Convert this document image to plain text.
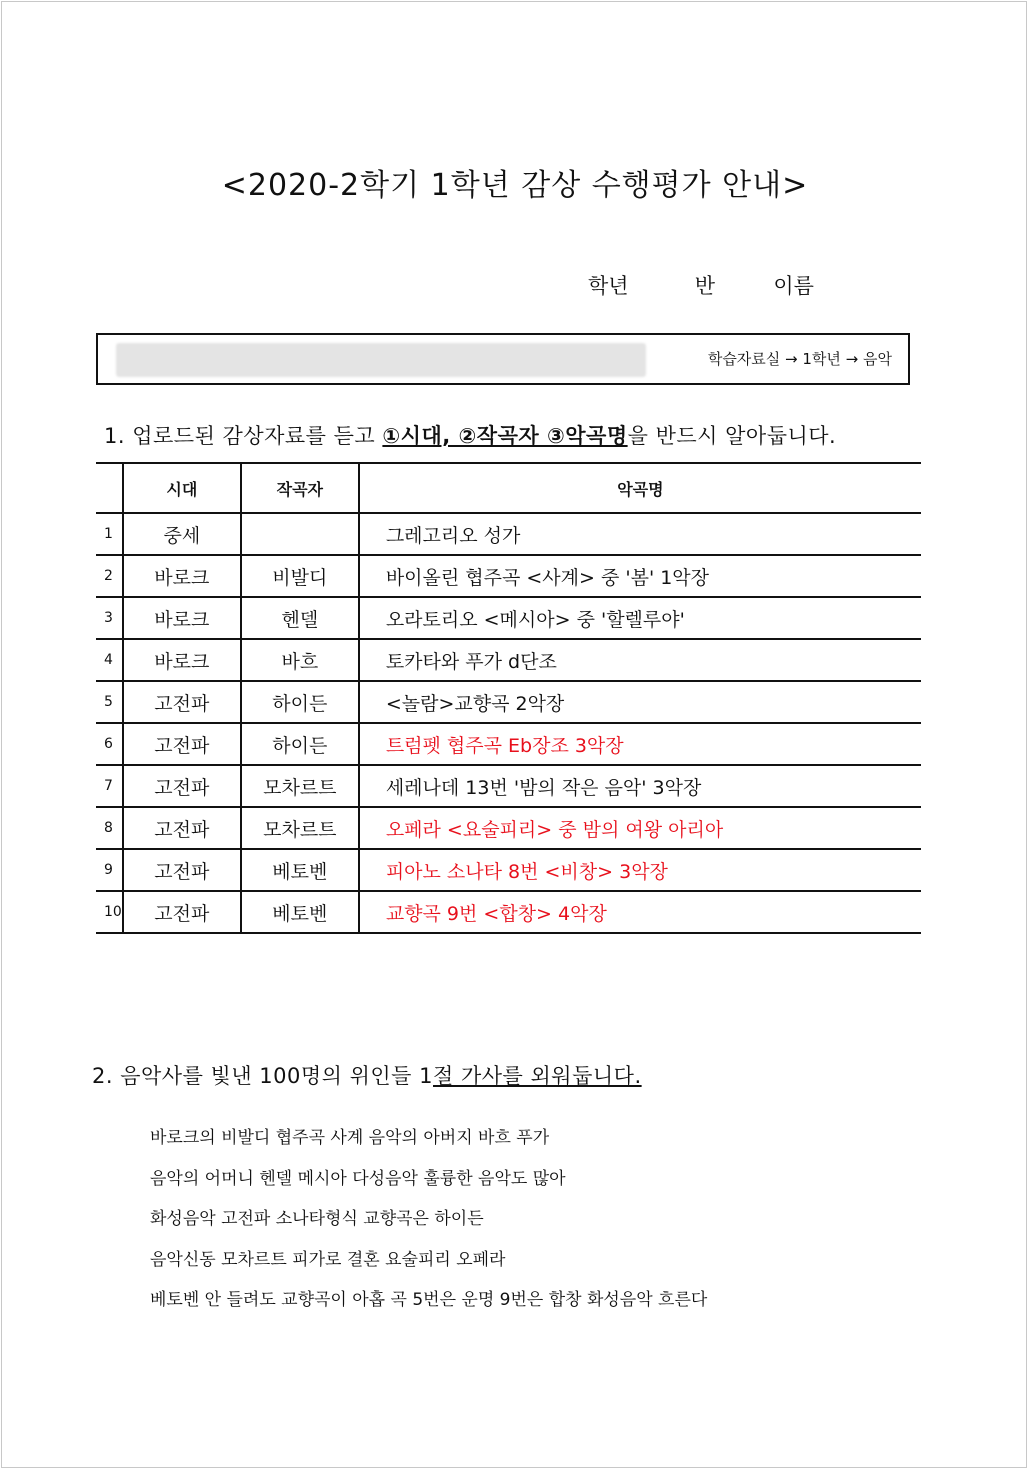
<2020-2학기 1학년 감상 수행평가 안내>
학년	반	이름
학습자료실 → 1학년 → 음악
1. 업로드된 감상자료를 듣고 ①시대, ②작곡자 ③악곡명을 반드시 알아둡니다.
	시대	작곡자	악곡명
1	중세		그레고리오 성가
2	바로크	비발디	바이올린 협주곡 <사계> 중 '봄' 1악장
3	바로크	헨델	오라토리오 <메시아> 중 '할렐루야'
4	바로크	바흐	토카타와 푸가 d단조
5	고전파	하이든	<놀람>교향곡 2악장
6	고전파	하이든	트럼펫 협주곡 Eb장조 3악장
7	고전파	모차르트	세레나데 13번 '밤의 작은 음악' 3악장
8	고전파	모차르트	오페라 <요술피리> 중 밤의 여왕 아리아
9	고전파	베토벤	피아노 소나타 8번 <비창> 3악장
10	고전파	베토벤	교향곡 9번 <합창> 4악장
2. 음악사를 빛낸 100명의 위인들 1절 가사를 외워둡니다.
바로크의 비발디 협주곡 사계 음악의 아버지 바흐 푸가
음악의 어머니 헨델 메시아 다성음악 훌륭한 음악도 많아
화성음악 고전파 소나타형식 교향곡은 하이든
음악신동 모차르트 피가로 결혼 요술피리 오페라
베토벤 안 들려도 교향곡이 아홉 곡 5번은 운명 9번은 합창 화성음악 흐른다
